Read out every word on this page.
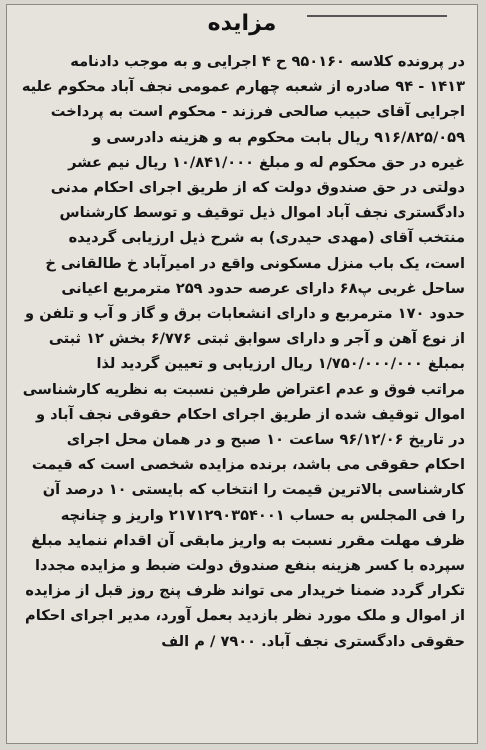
مزایده
در پرونده کلاسه ۹۵۰۱۶۰ ح ۴ اجرایی و به موجب دادنامه
۱۴۱۳ - ۹۴ صادره از شعبه چهارم عمومی نجف آباد محکوم علیه
اجرایی آقای حبیب صالحی فرزند - محکوم است به پرداخت
۹۱۶/۸۲۵/۰۵۹ ریال بابت محکوم به و هزینه دادرسی و
غیره در حق محکوم له و مبلغ ۱۰/۸۴۱/۰۰۰ ریال نیم عشر
دولتی در حق صندوق دولت که از طریق اجرای احکام مدنی
دادگستری نجف آباد اموال ذیل توقیف و توسط کارشناس
منتخب آقای (مهدی حیدری) به شرح ذیل ارزیابی گردیده
است، یک باب منزل مسکونی واقع در امیرآباد خ طالقانی خ
ساحل غربی پ۶۸ دارای عرصه حدود ۲۵۹ مترمربع اعیانی
حدود ۱۷۰ مترمربع و دارای انشعابات برق و گاز و آب و تلفن و
از نوع آهن و آجر و دارای سوابق ثبتی ۶/۷۷۶ بخش ۱۲ ثبتی
بمبلغ ۱/۷۵۰/۰۰۰/۰۰۰ ریال ارزیابی و تعیین گردید لذا
مراتب فوق و عدم اعتراض طرفین نسبت به نظریه کارشناسی
اموال توقیف شده از طریق اجرای احکام حقوقی نجف آباد و
در تاریخ ۹۶/۱۲/۰۶ ساعت ۱۰ صبح و در همان محل اجرای
احکام حقوقی می باشد، برنده مزایده شخصی است که قیمت
کارشناسی بالاترین قیمت را انتخاب که بایستی ۱۰ درصد آن
را فی المجلس به حساب ۲۱۷۱۲۹۰۳۵۴۰۰۱ واریز و چنانچه
ظرف مهلت مقرر نسبت به واریز مابقی آن اقدام ننماید مبلغ
سپرده با کسر هزینه بنفع صندوق دولت ضبط و مزایده مجددا
تکرار گردد ضمنا خریدار می تواند ظرف پنج روز قبل از مزایده
از اموال و ملک مورد نظر بازدید بعمل آورد، مدیر اجرای احکام
حقوقی دادگستری نجف آباد. ۷۹۰۰ / م الف
